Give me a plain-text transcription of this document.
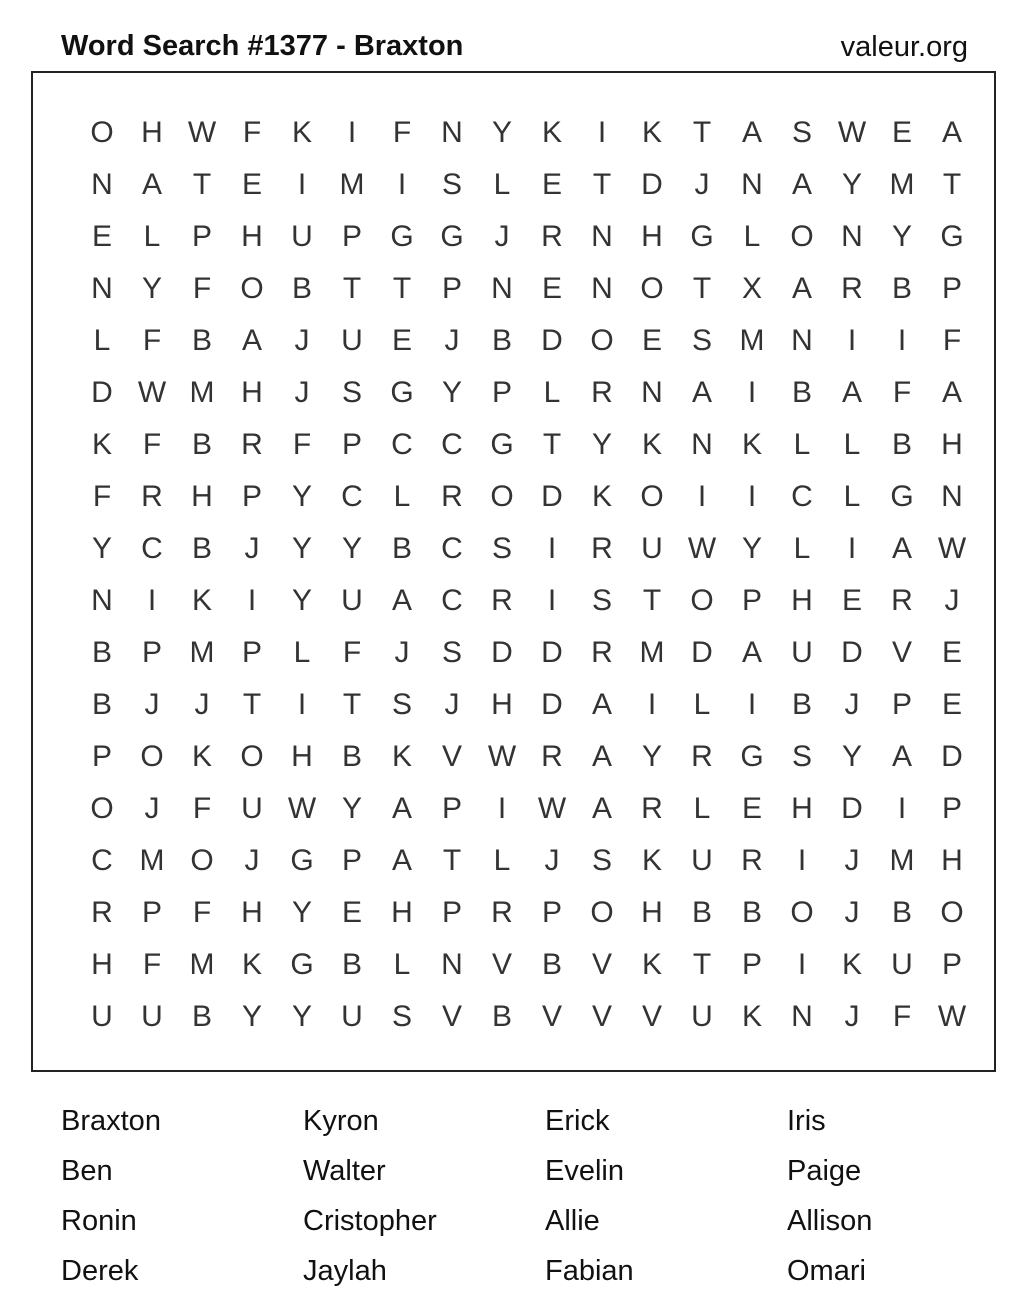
Word Search #1377 - Braxton	valeur.org
O H W F	K	I	F	N Y K	I	K	T	A S W E A
N A	T	E	I	M	I	S	L	E	T	D	J	N A Y M T
E	L	P H U P G G	J	R N H G L O N Y G
N Y	F O B	T	T	P N E N O T	X A R B P
L	F	B A	J	U E	J	B D O E S M N	I	I	F
D W M H	J	S G Y P	L	R N A	I	B A	F	A
K	F	B R	F	P C C G T	Y K N K	L	L	B H
F	R H P Y C	L	R O D K O	I	I	C	L G N
Y C B	J	Y Y B C S	I	R U W Y	L	I	A W
N	I	K	I	Y U A C R	I	S	T O P H E R	J
B P M P	L	F	J	S D D R M D A U D V E
B	J	J	T	I	T	S	J	H D A	I	L	I	B	J	P E
P O K O H B K V W R A Y R G S Y A D
O	J	F	U W Y A P	I	W A R	L	E H D	I	P
C M O	J	G P A	T	L	J	S K U R	I	J	M H
R P	F	H Y E H P R P O H B B O	J	B O
H	F M K G B	L	N V B V K	T	P	I	K U P
U U B Y Y U S V B V V V U K N	J	F W
Braxton	Kyron	Erick	Iris
Ben	Walter	Evelin	Paige
Ronin	Cristopher	Allie	Allison
Derek	Jaylah	Fabian	Omari
